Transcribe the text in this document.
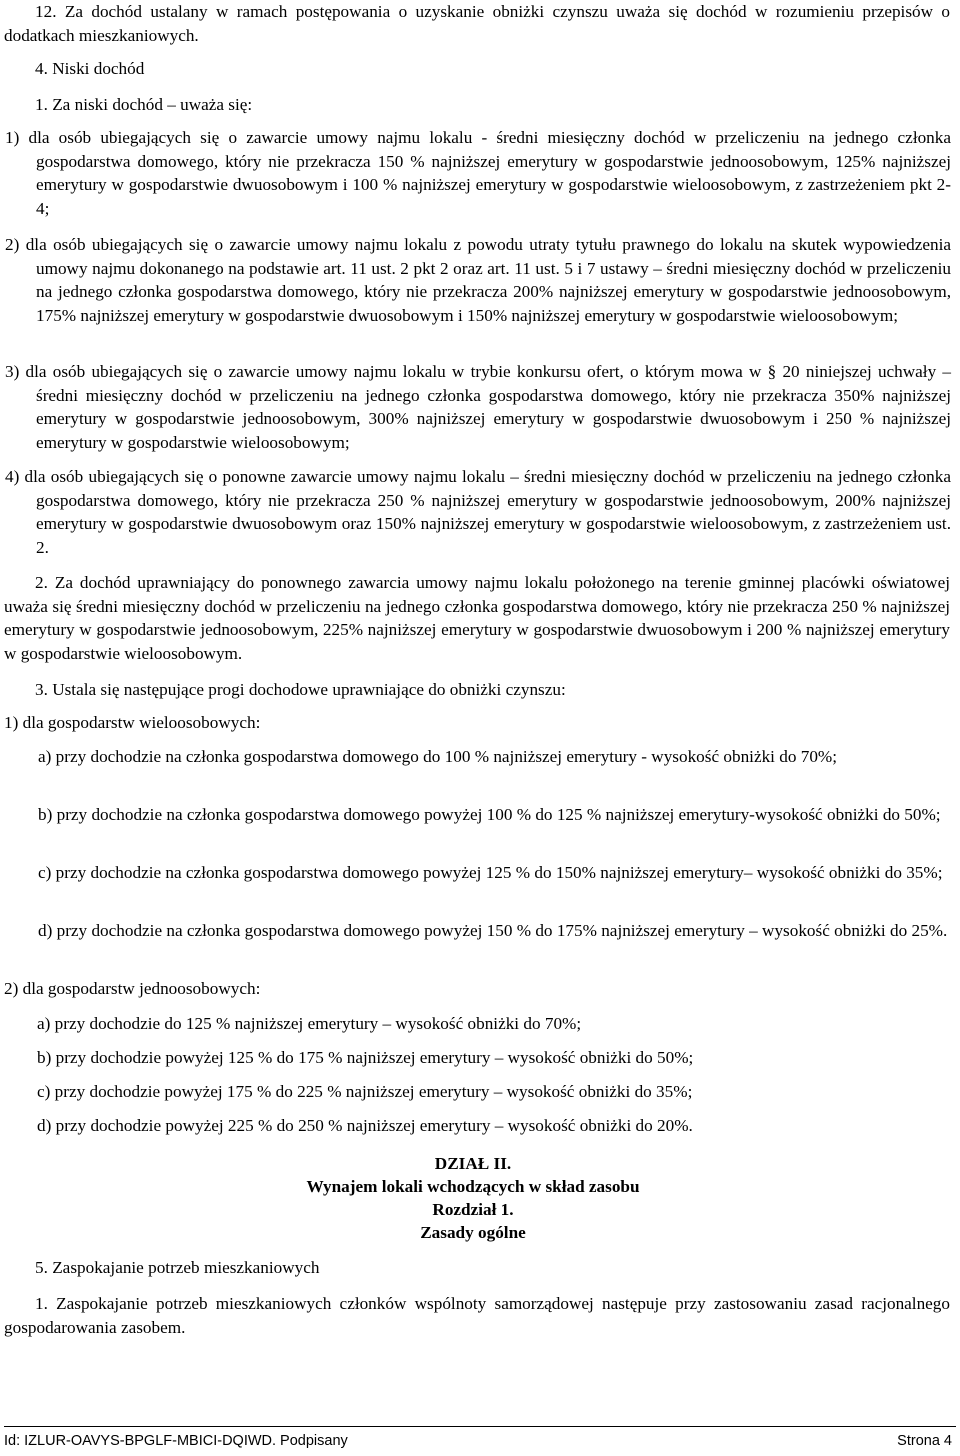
12. Za dochód ustalany w ramach postępowania o uzyskanie obniżki czynszu uważa się dochód w rozumieniu przepisów o dodatkach mieszkaniowych.

4. Niski dochód

1. Za niski dochód – uważa się:

1) dla osób ubiegających się o zawarcie umowy najmu lokalu - średni miesięczny dochód w przeliczeniu na jednego członka gospodarstwa domowego, który nie przekracza 150 % najniższej emerytury w gospodarstwie jednoosobowym, 125% najniższej emerytury w gospodarstwie dwuosobowym i 100 % najniższej emerytury w gospodarstwie wieloosobowym, z zastrzeżeniem pkt 2-4;

2) dla osób ubiegających się o zawarcie umowy najmu lokalu z powodu utraty tytułu prawnego do lokalu na skutek wypowiedzenia umowy najmu dokonanego na podstawie art. 11 ust. 2 pkt 2 oraz art. 11 ust. 5 i 7 ustawy – średni miesięczny dochód w przeliczeniu na jednego członka gospodarstwa domowego, który nie przekracza 200% najniższej emerytury w gospodarstwie jednoosobowym, 175% najniższej emerytury w gospodarstwie dwuosobowym i 150% najniższej emerytury w gospodarstwie wieloosobowym;

3) dla osób ubiegających się o zawarcie umowy najmu lokalu w trybie konkursu ofert, o którym mowa w § 20 niniejszej uchwały – średni miesięczny dochód w przeliczeniu na jednego członka gospodarstwa domowego, który nie przekracza 350% najniższej emerytury w gospodarstwie jednoosobowym, 300% najniższej emerytury w gospodarstwie dwuosobowym i 250 % najniższej emerytury w gospodarstwie wieloosobowym;

4) dla osób ubiegających się o ponowne zawarcie umowy najmu lokalu – średni miesięczny dochód w przeliczeniu na jednego członka gospodarstwa domowego, który nie przekracza 250 % najniższej emerytury w gospodarstwie jednoosobowym, 200% najniższej emerytury w gospodarstwie dwuosobowym oraz 150% najniższej emerytury w gospodarstwie wieloosobowym, z zastrzeżeniem ust. 2.

2. Za dochód uprawniający do ponownego zawarcia umowy najmu lokalu położonego na terenie gminnej placówki oświatowej uważa się średni miesięczny dochód w przeliczeniu na jednego członka gospodarstwa domowego, który nie przekracza 250 % najniższej emerytury w gospodarstwie jednoosobowym, 225% najniższej emerytury w gospodarstwie dwuosobowym i 200 % najniższej emerytury w gospodarstwie wieloosobowym.

3. Ustala się następujące progi dochodowe uprawniające do obniżki czynszu:

1) dla gospodarstw wieloosobowych:

a) przy dochodzie na członka gospodarstwa domowego do 100 % najniższej emerytury - wysokość obniżki do 70%;

b) przy dochodzie na członka gospodarstwa domowego powyżej 100 % do 125 % najniższej emerytury-wysokość obniżki do 50%;

c) przy dochodzie na członka gospodarstwa domowego powyżej 125 % do 150% najniższej emerytury– wysokość obniżki do 35%;

d) przy dochodzie na członka gospodarstwa domowego powyżej 150 % do 175% najniższej emerytury – wysokość obniżki do 25%.

2) dla gospodarstw jednoosobowych:

a) przy dochodzie do 125 % najniższej emerytury – wysokość obniżki do 70%;

b) przy dochodzie powyżej 125 % do 175 % najniższej emerytury – wysokość obniżki do 50%;

c) przy dochodzie powyżej 175 % do 225 % najniższej emerytury – wysokość obniżki do 35%;

d) przy dochodzie powyżej 225 % do 250 % najniższej emerytury – wysokość obniżki do 20%.

DZIAŁ II.

Wynajem lokali wchodzących w skład zasobu

Rozdział 1.

Zasady ogólne

5. Zaspokajanie potrzeb mieszkaniowych

1. Zaspokajanie potrzeb mieszkaniowych członków wspólnoty samorządowej następuje przy zastosowaniu zasad racjonalnego gospodarowania zasobem.

Id: IZLUR-OAVYS-BPGLF-MBICI-DQIWD. Podpisany	Strona 4
